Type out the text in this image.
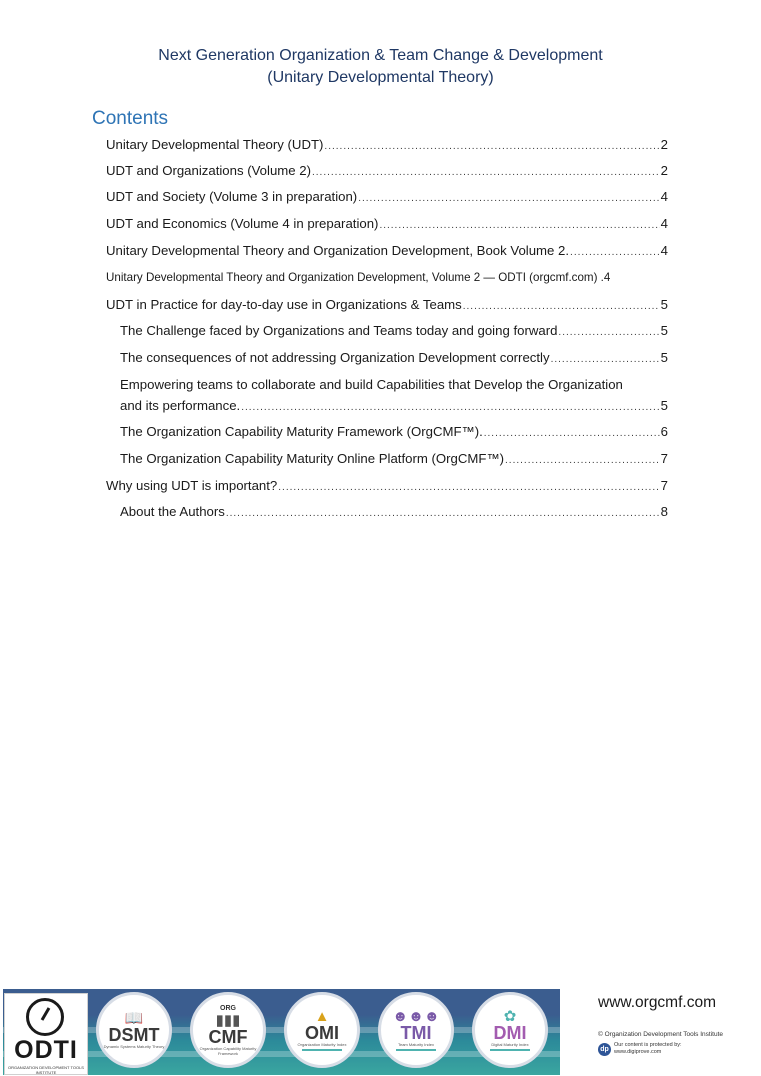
Next Generation Organization & Team Change & Development
(Unitary Developmental Theory)
Contents
Unitary Developmental Theory (UDT) .....	2
UDT and Organizations (Volume 2) .....	2
UDT and Society (Volume 3 in preparation) .....	4
UDT and Economics (Volume 4 in preparation) .....	4
Unitary Developmental Theory and Organization Development, Book Volume 2. .....	4
Unitary Developmental Theory and Organization Development, Volume 2 — ODTI (orgcmf.com) . 4
UDT in Practice for day-to-day use in Organizations & Teams .....	5
The Challenge faced by Organizations and Teams today and going forward .....	5
The consequences of not addressing Organization Development correctly .....	5
Empowering teams to collaborate and build Capabilities that Develop the Organization
and its performance. .....	5
The Organization Capability Maturity Framework (OrgCMF™). .....	6
The Organization Capability Maturity Online Platform (OrgCMF™) .....	7
Why using UDT is important? .....	7
About the Authors .....	8
ODTI
ORGANIZATION DEVELOPMENT TOOLS INSTITUTE
📖
DSMT
Dynamic Systems Maturity Theory
ORG
▮▮▮
CMF
Organization Capability Maturity Framework
▲
OMI
Organization Maturity Index
☻☻☻
TMI
Team Maturity Index
✿
DMI
Digital Maturity Index
www.orgcmf.com
© Organization Development Tools Institute
dp
Our content is protected by:
www.digiprove.com
